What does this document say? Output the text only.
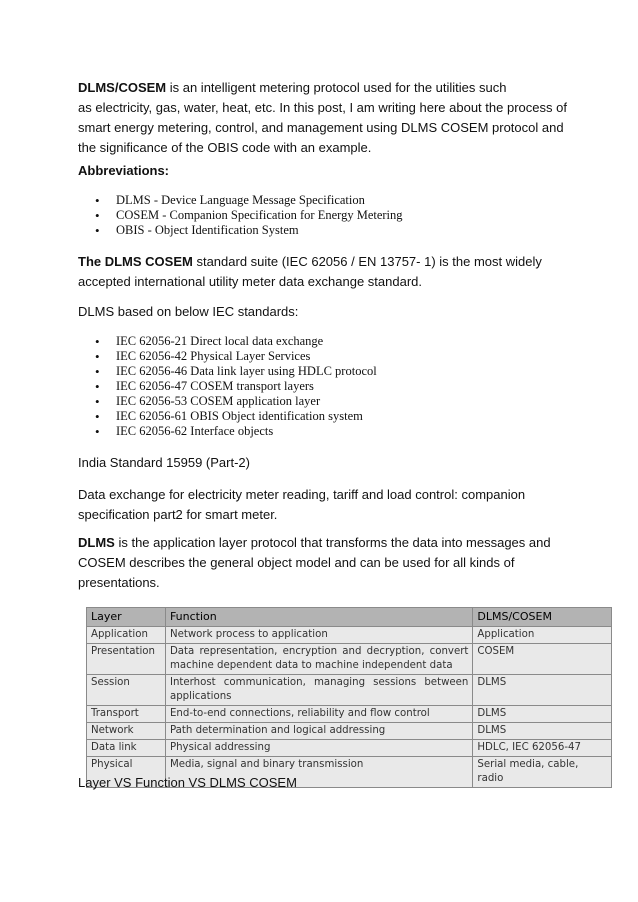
DLMS/COSEM is an intelligent metering protocol used for the utilities such
as electricity, gas, water, heat, etc. In this post, I am writing here about the process of
smart energy metering, control, and management using DLMS COSEM protocol and
the significance of the OBIS code with an example.

Abbreviations:

• DLMS - Device Language Message Specification
• COSEM - Companion Specification for Energy Metering
• OBIS - Object Identification System

The DLMS COSEM standard suite (IEC 62056 / EN 13757- 1) is the most widely
accepted international utility meter data exchange standard.

DLMS based on below IEC standards:

• IEC 62056-21 Direct local data exchange
• IEC 62056-42 Physical Layer Services
• IEC 62056-46 Data link layer using HDLC protocol
• IEC 62056-47 COSEM transport layers
• IEC 62056-53 COSEM application layer
• IEC 62056-61 OBIS Object identification system
• IEC 62056-62 Interface objects

India Standard 15959 (Part-2)

Data exchange for electricity meter reading, tariff and load control: companion
specification part2 for smart meter.

DLMS is the application layer protocol that transforms the data into messages and
COSEM describes the general object model and can be used for all kinds of
presentations.

Layer	Function	DLMS/COSEM
Application	Network process to application	Application
Presentation	Data representation, encryption and decryption, convert machine dependent data to machine independent data	COSEM
Session	Interhost communication, managing sessions between applications	DLMS
Transport	End-to-end connections, reliability and flow control	DLMS
Network	Path determination and logical addressing	DLMS
Data link	Physical addressing	HDLC, IEC 62056-47
Physical	Media, signal and binary transmission	Serial media, cable, radio

Layer VS Function VS DLMS COSEM
